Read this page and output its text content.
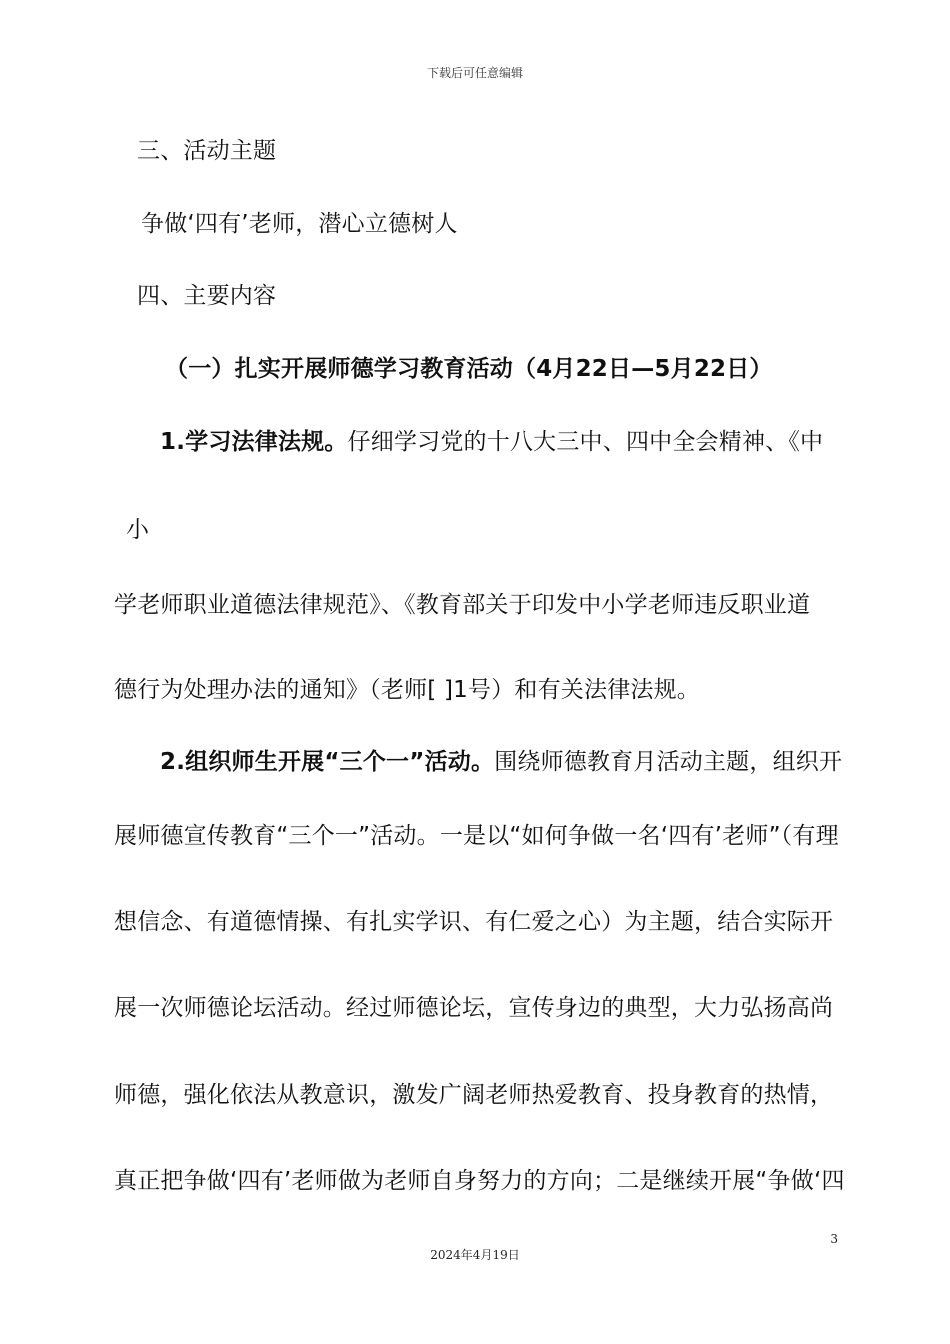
下载后可任意编辑
三、活动主题
争做‘四有’老师，潜心立德树人
四、主要内容
（一）扎实开展师德学习教育活动（4月22日—5月22日）
1.学习法律法规。仔细学习党的十八大三中、四中全会精神、《中
小
学老师职业道德法律规范》、《教育部关于印发中小学老师违反职业道
德行为处理办法的通知》（老师[ ]1号）和有关法律法规。
2.组织师生开展“三个一”活动。围绕师德教育月活动主题，组织开
展师德宣传教育“三个一”活动。一是以“如何争做一名‘四有’老师”（有理
想信念、有道德情操、有扎实学识、有仁爱之心）为主题，结合实际开
展一次师德论坛活动。经过师德论坛，宣传身边的典型，大力弘扬高尚
师德，强化依法从教意识，激发广阔老师热爱教育、投身教育的热情，
真正把争做‘四有’老师做为老师自身努力的方向；二是继续开展“争做‘四
3
2024年4月19日
